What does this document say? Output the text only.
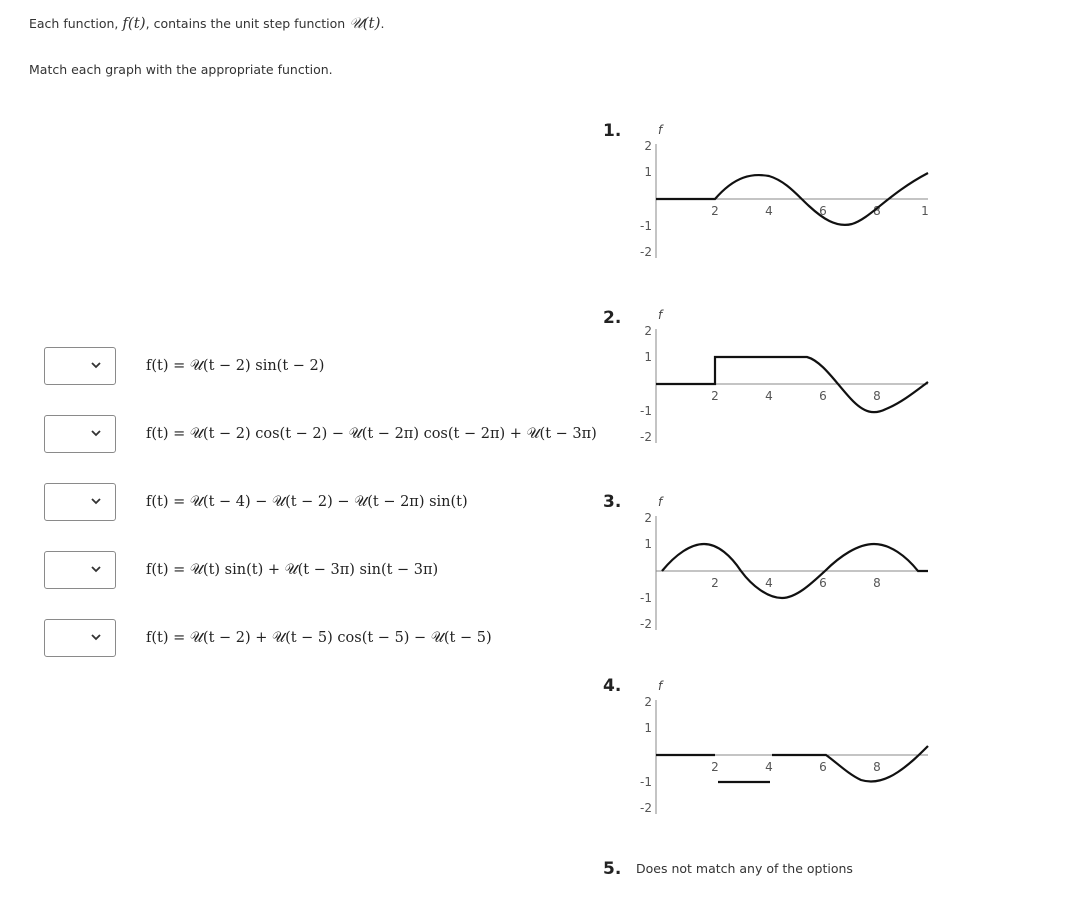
Each function, f(t), contains the unit step function 𝒰(t).
Match each graph with the appropriate function.
f(t) = 𝒰(t − 2) sin(t − 2)
f(t) = 𝒰(t − 2) cos(t − 2) − 𝒰(t − 2π) cos(t − 2π) + 𝒰(t − 3π)
f(t) = 𝒰(t − 4) − 𝒰(t − 2) − 𝒰(t − 2π) sin(t)
f(t) = 𝒰(t) sin(t) + 𝒰(t − 3π) sin(t − 3π)
f(t) = 𝒰(t − 2) + 𝒰(t − 5) cos(t − 5) − 𝒰(t − 5)
1.	f
2
1
-1
-2
2	4	6	8	1
2.	f
2
1
-1
-2
2	4	6	8
3.	f
2
1
-1
-2
2	4	6	8
4.	f
2
1
-1
-2
2	4	6	8
5. Does not match any of the options
